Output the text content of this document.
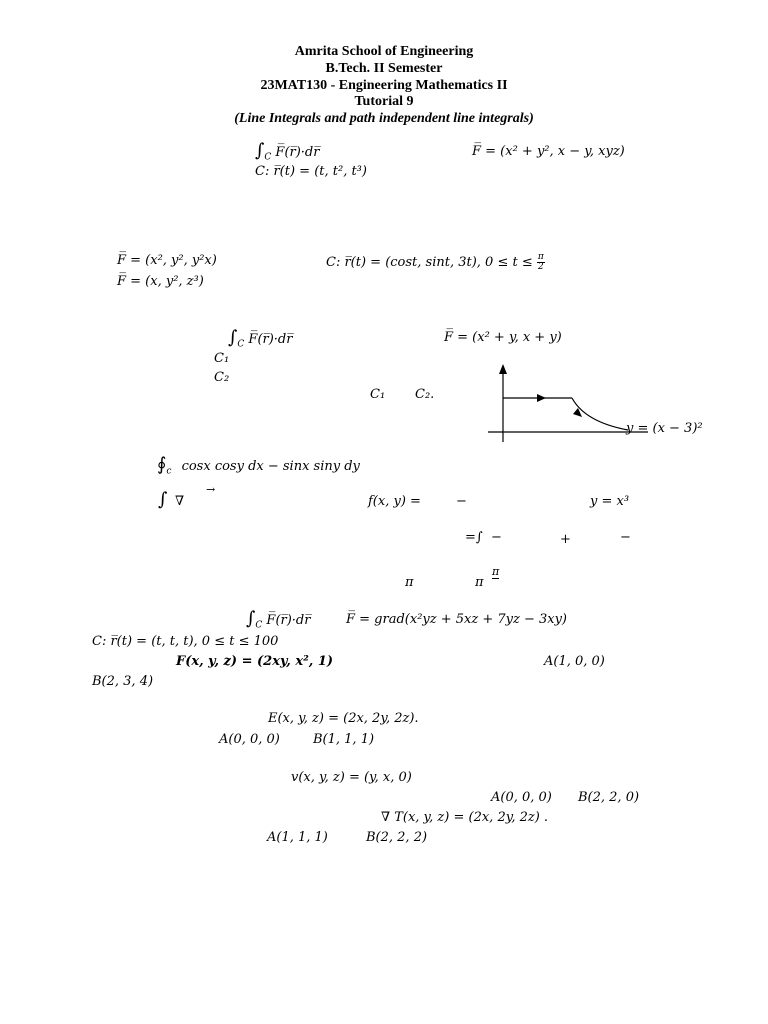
Amrita School of Engineering
B.Tech. II Semester
23MAT130 - Engineering Mathematics II
Tutorial 9
(Line Integrals and path independent line integrals)
$\int_C$ F̅(r̅)·dr̅	F̅ = (x² + y², x − y, xyz)
C: r̅(t) = (t, t², t³)
F̅ = (x², y², y²x)	C: r̅(t) = (cost, sint, 3t), $0 \le t \le \frac{\pi}{2}$
F̅ = (x, y², z³)
$\int_C$ F̅(r̅)·dr̅	F̅ = (x² + y, x + y)
C₁
C₂
C₁ C₂.
y = (x − 3)²
$∮_c$ cosx cosy dx − sinx siny dy
∫ ∇
→
f(x, y) =	−	y = x³
=∫ −	+	−
π	π
π
$\int_C$ F̅(r̅)·dr̅	F̅ = grad(x²yz + 5xz + 7yz − 3xy)
C: r̅(t) = (t, t, t), 0 ≤ t ≤ 100
F(x, y, z) = (2xy, x², 1)	A(1, 0, 0)
B(2, 3, 4)
E(x, y, z) = (2x, 2y, 2z).
A(0, 0, 0)	B(1, 1, 1)
v(x, y, z) = (y, x, 0)
A(0, 0, 0) B(2, 2, 0)
∇ T(x, y, z) = (2x, 2y, 2z) .
A(1, 1, 1)	B(2, 2, 2)
